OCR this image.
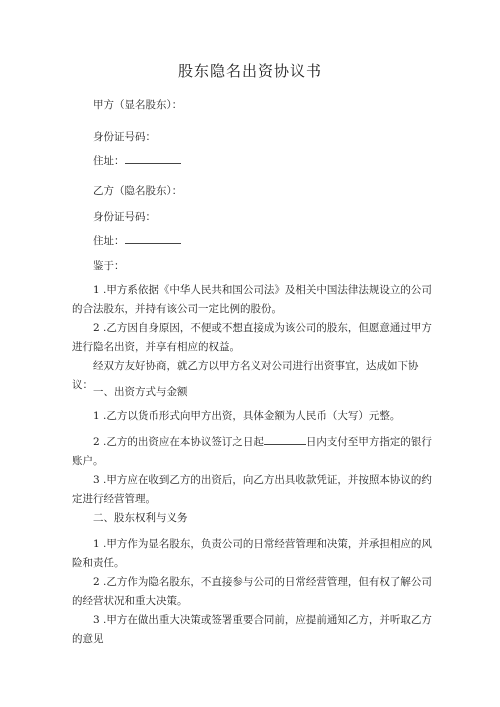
股东隐名出资协议书
甲方（显名股东）：
身份证号码：
住址：
乙方（隐名股东）：
身份证号码：
住址：
鉴于：
1 .甲方系依据《中华人民共和国公司法》及相关中国法律法规设立的公司的合法股东，并持有该公司一定比例的股份。
2 .乙方因自身原因，不便或不想直接成为该公司的股东，但愿意通过甲方进行隐名出资，并享有相应的权益。
经双方友好协商，就乙方以甲方名义对公司进行出资事宜，达成如下协议：
一、出资方式与金额
1 .乙方以货币形式向甲方出资，具体金额为人民币（大写）元整。
2 .乙方的出资应在本协议签订之日起	日内支付至甲方指定的银行账户。
3 .甲方应在收到乙方的出资后，向乙方出具收款凭证，并按照本协议的约定进行经营管理。
二、股东权利与义务
1 .甲方作为显名股东，负责公司的日常经营管理和决策，并承担相应的风险和责任。
2 .乙方作为隐名股东，不直接参与公司的日常经营管理，但有权了解公司的经营状况和重大决策。
3 .甲方在做出重大决策或签署重要合同前，应提前通知乙方，并听取乙方的意见
